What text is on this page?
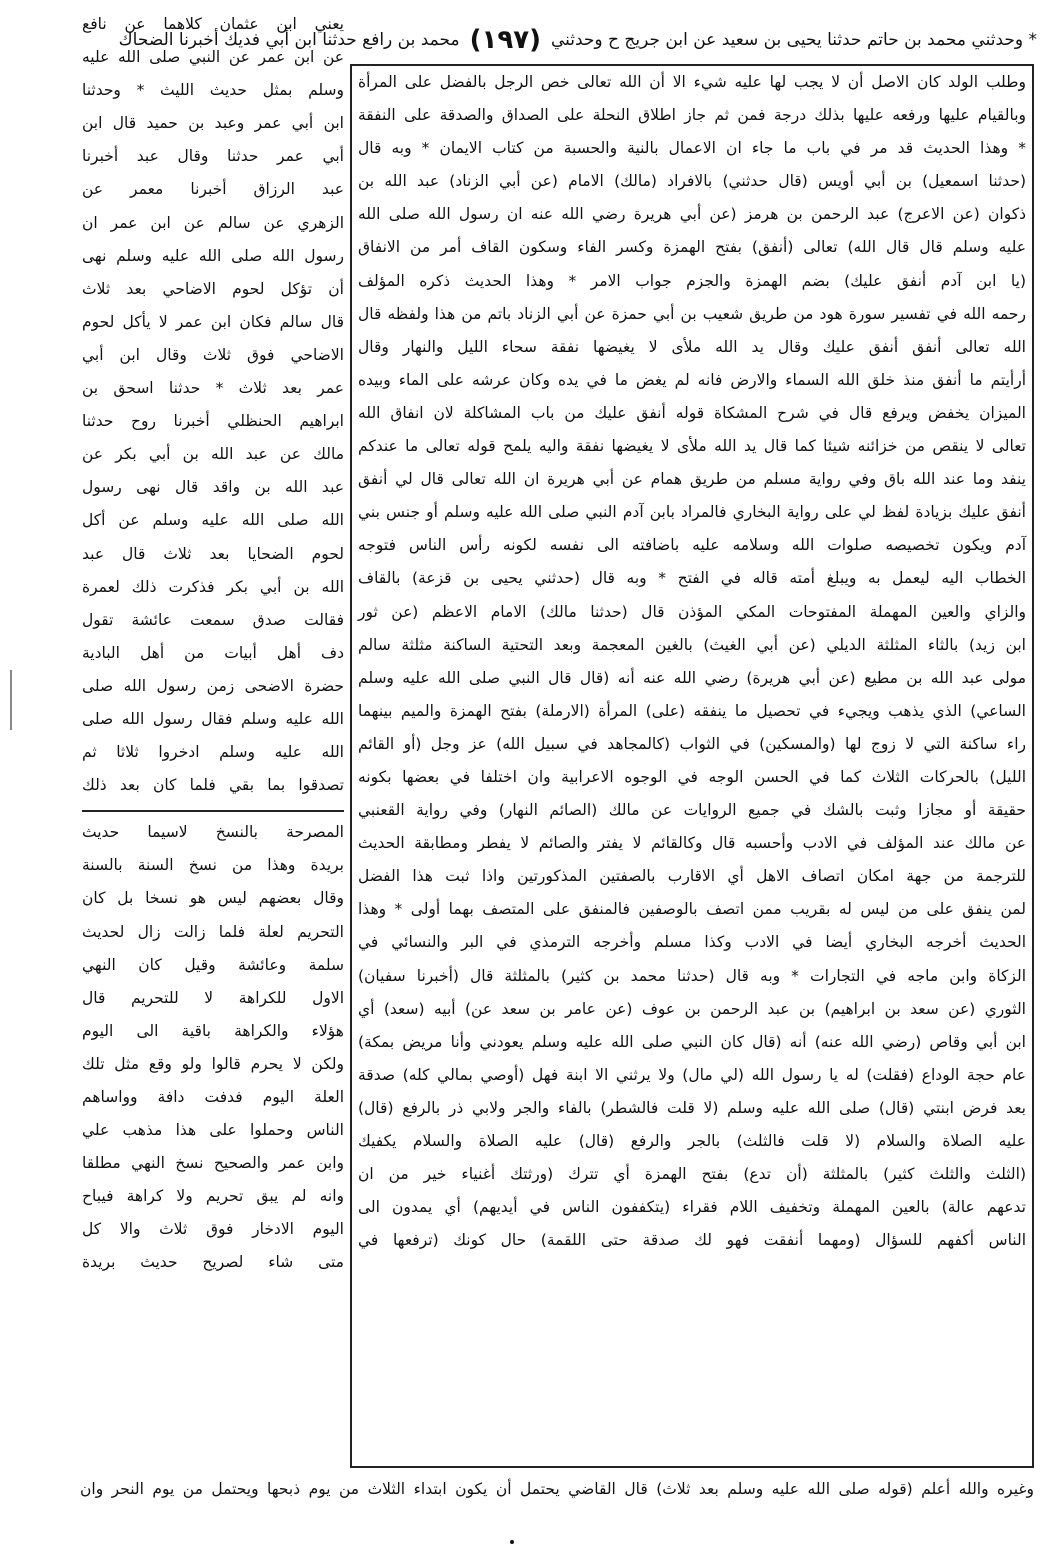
* وحدثني محمد بن حاتم حدثنا يحيى بن سعيد عن ابن جريج ح وحدثني
(١٩٧)
محمد بن رافع حدثنا ابن أبي فديك أخبرنا الضحاك
وطلب الولد كان الاصل أن لا يجب لها عليه شيء الا أن الله تعالى خص الرجل بالفضل على المرأة
وبالقيام عليها ورفعه عليها بذلك درجة فمن ثم جاز اطلاق النحلة على الصداق والصدقة على النفقة
* وهذا الحديث قد مر في باب ما جاء ان الاعمال بالنية والحسبة من كتاب الايمان * وبه قال
(حدثنا اسمعيل) بن أبي أويس (قال حدثني) بالافراد (مالك) الامام (عن أبي الزناد) عبد الله بن
ذكوان (عن الاعرج) عبد الرحمن بن هرمز (عن أبي هريرة رضي الله عنه ان رسول الله صلى الله
عليه وسلم قال قال الله) تعالى (أنفق) بفتح الهمزة وكسر الفاء وسكون القاف أمر من الانفاق
(يا ابن آدم أنفق عليك) بضم الهمزة والجزم جواب الامر * وهذا الحديث ذكره المؤلف
رحمه الله في تفسير سورة هود من طريق شعيب بن أبي حمزة عن أبي الزناد باتم من هذا ولفظه قال
الله تعالى أنفق أنفق عليك وقال يد الله ملأى لا يغيضها نفقة سحاء الليل والنهار وقال
أرأيتم ما أنفق منذ خلق الله السماء والارض فانه لم يغض ما في يده وكان عرشه على الماء وبيده
الميزان يخفض ويرفع قال في شرح المشكاة قوله أنفق عليك من باب المشاكلة لان انفاق الله
تعالى لا ينقص من خزائنه شيئا كما قال يد الله ملأى لا يغيضها نفقة واليه يلمح قوله تعالى ما عندكم
ينفد وما عند الله باق وفي رواية مسلم من طريق همام عن أبي هريرة ان الله تعالى قال لي أنفق
أنفق عليك بزيادة لفظ لي على رواية البخاري فالمراد بابن آدم النبي صلى الله عليه وسلم أو جنس بني
آدم ويكون تخصيصه صلوات الله وسلامه عليه باضافته الى نفسه لكونه رأس الناس فتوجه
الخطاب اليه ليعمل به ويبلغ أمته قاله في الفتح * وبه قال (حدثني يحيى بن قزعة) بالقاف
والزاي والعين المهملة المفتوحات المكي المؤذن قال (حدثنا مالك) الامام الاعظم (عن ثور
ابن زيد) بالثاء المثلثة الديلي (عن أبي الغيث) بالغين المعجمة وبعد التحتية الساكنة مثلثة سالم
مولى عبد الله بن مطيع (عن أبي هريرة) رضي الله عنه أنه (قال قال النبي صلى الله عليه وسلم
الساعي) الذي يذهب ويجيء في تحصيل ما ينفقه (على) المرأة (الارملة) بفتح الهمزة والميم بينهما
راء ساكنة التي لا زوج لها (والمسكين) في الثواب (كالمجاهد في سبيل الله) عز وجل (أو القائم
الليل) بالحركات الثلاث كما في الحسن الوجه في الوجوه الاعرابية وان اختلفا في بعضها بكونه
حقيقة أو مجازا وثبت بالشك في جميع الروايات عن مالك (الصائم النهار) وفي رواية القعنبي
عن مالك عند المؤلف في الادب وأحسبه قال وكالقائم لا يفتر والصائم لا يفطر ومطابقة الحديث
للترجمة من جهة امكان اتصاف الاهل أي الاقارب بالصفتين المذكورتين واذا ثبت هذا الفضل
لمن ينفق على من ليس له بقريب ممن اتصف بالوصفين فالمنفق على المتصف بهما أولى * وهذا
الحديث أخرجه البخاري أيضا في الادب وكذا مسلم وأخرجه الترمذي في البر والنسائي في
الزكاة وابن ماجه في التجارات * وبه قال (حدثنا محمد بن كثير) بالمثلثة قال (أخبرنا سفيان)
الثوري (عن سعد بن ابراهيم) بن عبد الرحمن بن عوف (عن عامر بن سعد عن) أبيه (سعد) أي
ابن أبي وقاص (رضي الله عنه) أنه (قال كان النبي صلى الله عليه وسلم يعودني وأنا مريض بمكة)
عام حجة الوداع (فقلت) له يا رسول الله (لي مال) ولا يرثني الا ابنة فهل (أوصي بمالي كله) صدقة
بعد فرض ابنتي (قال) صلى الله عليه وسلم (لا قلت فالشطر) بالفاء والجر ولابي ذر بالرفع (قال)
عليه الصلاة والسلام (لا قلت فالثلث) بالجر والرفع (قال) عليه الصلاة والسلام يكفيك
(الثلث والثلث كثير) بالمثلثة (أن تدع) بفتح الهمزة أي تترك (ورثتك أغنياء خير من ان
تدعهم عالة) بالعين المهملة وتخفيف اللام فقراء (يتكففون الناس في أيديهم) أي يمدون الى
الناس أكفهم للسؤال (ومهما أنفقت فهو لك صدقة حتى اللقمة) حال كونك (ترفعها في
يعني ابن عثمان كلاهما عن نافع
عن ابن عمر عن النبي صلى الله عليه
وسلم بمثل حديث الليث * وحدثنا
ابن أبي عمر وعبد بن حميد قال ابن
أبي عمر حدثنا وقال عبد أخبرنا
عبد الرزاق أخبرنا معمر عن
الزهري عن سالم عن ابن عمر ان
رسول الله صلى الله عليه وسلم نهى
أن تؤكل لحوم الاضاحي بعد ثلاث
قال سالم فكان ابن عمر لا يأكل لحوم
الاضاحي فوق ثلاث وقال ابن أبي
عمر بعد ثلاث * حدثنا اسحق بن
ابراهيم الحنظلي أخبرنا روح حدثنا
مالك عن عبد الله بن أبي بكر عن
عبد الله بن واقد قال نهى رسول
الله صلى الله عليه وسلم عن أكل
لحوم الضحايا بعد ثلاث قال عبد
الله بن أبي بكر فذكرت ذلك لعمرة
فقالت صدق سمعت عائشة تقول
دف أهل أبيات من أهل البادية
حضرة الاضحى زمن رسول الله صلى
الله عليه وسلم فقال رسول الله صلى
الله عليه وسلم ادخروا ثلاثا ثم
تصدقوا بما بقي فلما كان بعد ذلك
المصرحة بالنسخ لاسيما حديث
بريدة وهذا من نسخ السنة بالسنة
وقال بعضهم ليس هو نسخا بل كان
التحريم لعلة فلما زالت زال لحديث
سلمة وعائشة وقيل كان النهي
الاول للكراهة لا للتحريم قال
هؤلاء والكراهة باقية الى اليوم
ولكن لا يحرم قالوا ولو وقع مثل تلك
العلة اليوم فدفت دافة وواساهم
الناس وحملوا على هذا مذهب علي
وابن عمر والصحيح نسخ النهي مطلقا
وانه لم يبق تحريم ولا كراهة فيباح
اليوم الادخار فوق ثلاث والا كل
متى شاء لصريح حديث بريدة
وغيره والله أعلم (قوله صلى الله عليه وسلم بعد ثلاث) قال القاضي يحتمل أن يكون ابتداء الثلاث من يوم ذبحها ويحتمل من يوم النحر وان
